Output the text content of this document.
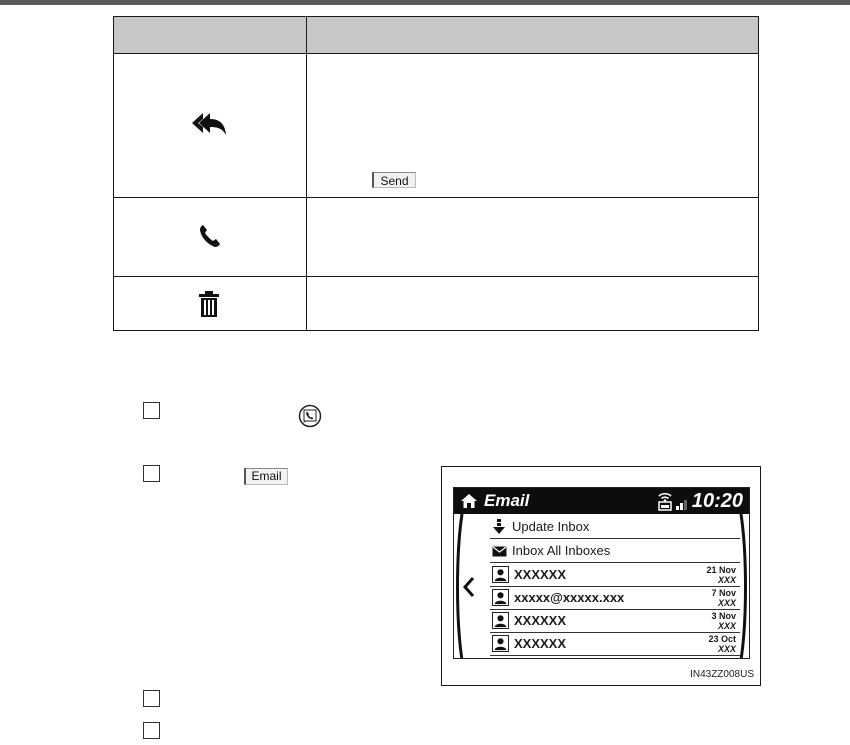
Send
Email
Email	10:20
Update Inbox
Inbox All Inboxes
XXXXXX	21 Nov
XXX
xxxxx@xxxxx.xxx	7 Nov
XXX
XXXXXX	3 Nov
XXX
XXXXXX	23 Oct
XXX
IN43ZZ008US
